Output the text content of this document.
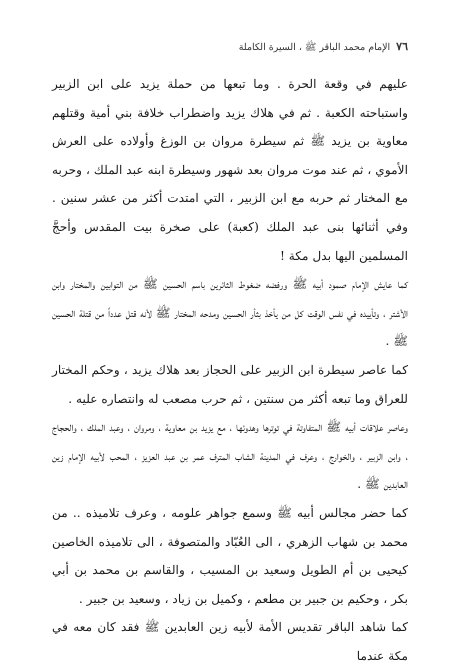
٧٦
الإمام محمد الباقر ﷺ ، السيرة الكاملة

عليهم في وقعة الحرة . وما تبعها من حملة يزيد على ابن الزبير واستباحته الكعبة . ثم في هلاك يزيد واضطراب خلافة بني أمية وقتلهم معاوية بن يزيد ﷺ ثم سيطرة مروان بن الوزغ وأولاده على العرش الأموي ، ثم عند موت مروان بعد شهور وسيطرة ابنه عبد الملك ، وحربه مع المختار ثم حربه مع ابن الزبير ، التي امتدت أكثر من عشر سنين . وفي أثنائها بنى عبد الملك (كعبة) على صخرة بيت المقدس وأحجَّ المسلمين اليها بدل مكة !

كما عايش الإمام صمود أبيه ﷺ ورفضه ضغوط الثائرين باسم الحسين ﷺ من التوابين والمختار وابن الأشتر ، وتأييده في نفس الوقت كل من يأخذ بثأر الحسين ومدحه المختار ﷺ لأنه قتل عدداً من قتلة الحسين ﷺ .

كما عاصر سيطرة ابن الزبير على الحجاز بعد هلاك يزيد ، وحكم المختار للعراق وما تبعه أكثر من سنتين ، ثم حرب مصعب له وانتصاره عليه .

وعاصر علاقات أبيه ﷺ المتفاوتة في توترها وهدوئها ، مع يزيد بن معاوية ، ومروان ، وعبد الملك ، والحجاج ، وابن الزبير ، والخوارج ، وعرف في المدينة الشاب المترف عمر بن عبد العزيز ، المحب لأبيه الإمام زين العابدين ﷺ .

كما حضر مجالس أبيه ﷺ وسمع جواهر علومه ، وعرف تلاميذه .. من محمد بن شهاب الزهري ، الى العُبّاد والمتصوفة ، الى تلاميذه الخاصين كيحيى بن أم الطويل وسعيد بن المسيب ، والقاسم بن محمد بن أبي بكر ، وحكيم بن جبير بن مطعم ، وكميل بن زياد ، وسعيد بن جبير .

كما شاهد الباقر تقديس الأمة لأبيه زين العابدين ﷺ فقد كان معه في مكة عندما
